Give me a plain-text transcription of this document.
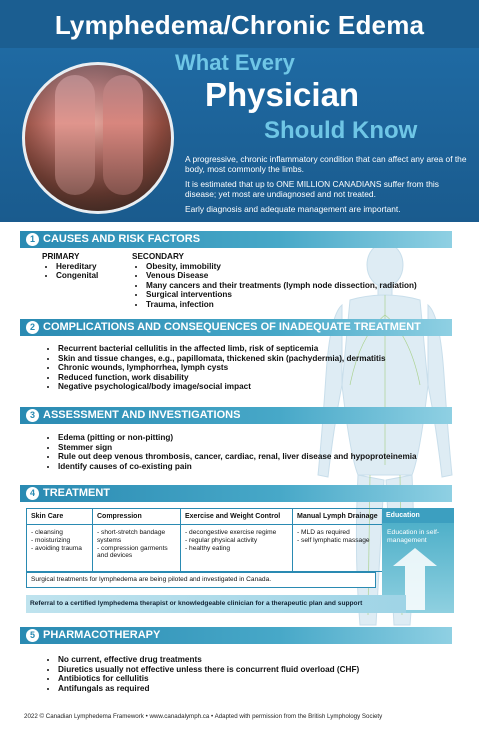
Lymphedema/Chronic Edema
What Every
Physician
Should Know

A progressive, chronic inflammatory condition that can affect any area of the body, most commonly the limbs.

It is estimated that up to ONE MILLION CANADIANS suffer from this disease; yet most are undiagnosed and not treated.

Early diagnosis and adequate management are important.

1 CAUSES AND RISK FACTORS
PRIMARY
• Hereditary
• Congenital
SECONDARY
• Obesity, immobility
• Venous Disease
• Many cancers and their treatments (lymph node dissection, radiation)
• Surgical interventions
• Trauma, infection
2 COMPLICATIONS AND CONSEQUENCES OF INADEQUATE TREATMENT
• Recurrent bacterial cellulitis in the affected limb, risk of septicemia
• Skin and tissue changes, e.g., papillomata, thickened skin (pachydermia), dermatitis
• Chronic wounds, lymphorrhea, lymph cysts
• Reduced function, work disability
• Negative psychological/body image/social impact
3 ASSESSMENT AND INVESTIGATIONS
• Edema (pitting or non-pitting)
• Stemmer sign
• Rule out deep venous thrombosis, cancer, cardiac, renal, liver disease and hypoproteinemia
• Identify causes of co-existing pain
4 TREATMENT
Skin Care
- cleansing
- moisturizing
- avoiding trauma
Compression
- short-stretch bandage systems
- compression garments and devices
Exercise and Weight Control
- decongestive exercise regime
- regular physical activity
- healthy eating
Manual Lymph Drainage
- MLD as required
- self lymphatic massage
Education
Education in self-management
Surgical treatments for lymphedema are being piloted and investigated in Canada.
Referral to a certified lymphedema therapist or knowledgeable clinician for a therapeutic plan and support
5 PHARMACOTHERAPY
• No current, effective drug treatments
• Diuretics usually not effective unless there is concurrent fluid overload (CHF)
• Antibiotics for cellulitis
• Antifungals as required
2022 © Canadian Lymphedema Framework • www.canadalymph.ca • Adapted with permission from the British Lymphology Society
